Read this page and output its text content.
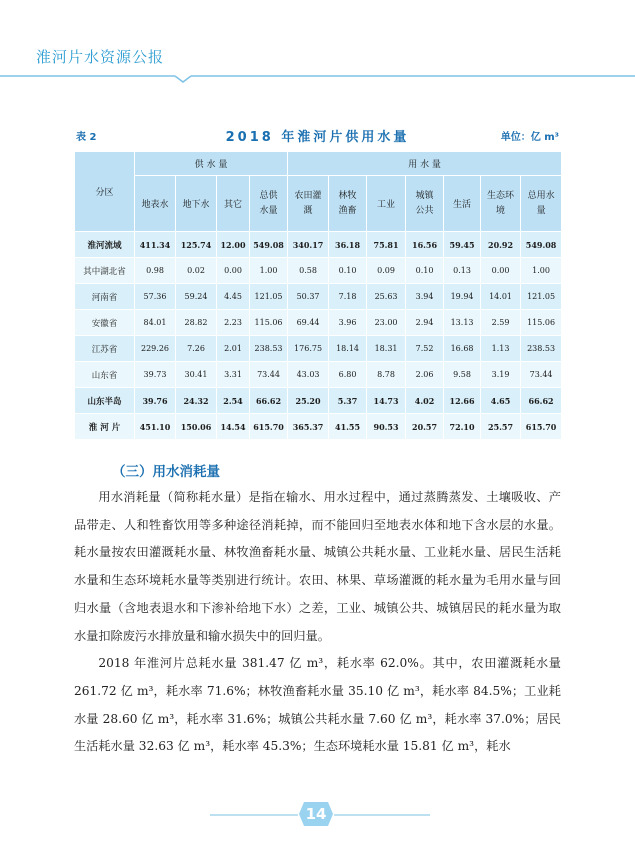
淮河片水资源公报
表 2	2018 年淮河片供用水量	单位：亿 m³
分区	供 水 量				用 水 量						
	地表水	地下水	其它	总供水量	农田灌溉	林牧渔畜	工业	城镇公共	生活	生态环境	总用水量
淮河流域	411.34	125.74	12.00	549.08	340.17	36.18	75.81	16.56	59.45	20.92	549.08
其中湖北省	0.98	0.02	0.00	1.00	0.58	0.10	0.09	0.10	0.13	0.00	1.00
河南省	57.36	59.24	4.45	121.05	50.37	7.18	25.63	3.94	19.94	14.01	121.05
安徽省	84.01	28.82	2.23	115.06	69.44	3.96	23.00	2.94	13.13	2.59	115.06
江苏省	229.26	7.26	2.01	238.53	176.75	18.14	18.31	7.52	16.68	1.13	238.53
山东省	39.73	30.41	3.31	73.44	43.03	6.80	8.78	2.06	9.58	3.19	73.44
山东半岛	39.76	24.32	2.54	66.62	25.20	5.37	14.73	4.02	12.66	4.65	66.62
淮 河 片	451.10	150.06	14.54	615.70	365.37	41.55	90.53	20.57	72.10	25.57	615.70
（三）用水消耗量

用水消耗量（简称耗水量）是指在输水、用水过程中，通过蒸腾蒸发、土壤吸收、产品带走、人和牲畜饮用等多种途径消耗掉，而不能回归至地表水体和地下含水层的水量。耗水量按农田灌溉耗水量、林牧渔畜耗水量、城镇公共耗水量、工业耗水量、居民生活耗水量和生态环境耗水量等类别进行统计。农田、林果、草场灌溉的耗水量为毛用水量与回归水量（含地表退水和下渗补给地下水）之差，工业、城镇公共、城镇居民的耗水量为取水量扣除废污水排放量和输水损失中的回归量。

2018 年淮河片总耗水量 381.47 亿 m³，耗水率 62.0%。其中，农田灌溉耗水量 261.72 亿 m³，耗水率 71.6%；林牧渔畜耗水量 35.10 亿 m³，耗水率 84.5%；工业耗水量 28.60 亿 m³，耗水率 31.6%；城镇公共耗水量 7.60 亿 m³，耗水率 37.0%；居民生活耗水量 32.63 亿 m³，耗水率 45.3%；生态环境耗水量 15.81 亿 m³，耗水

14
